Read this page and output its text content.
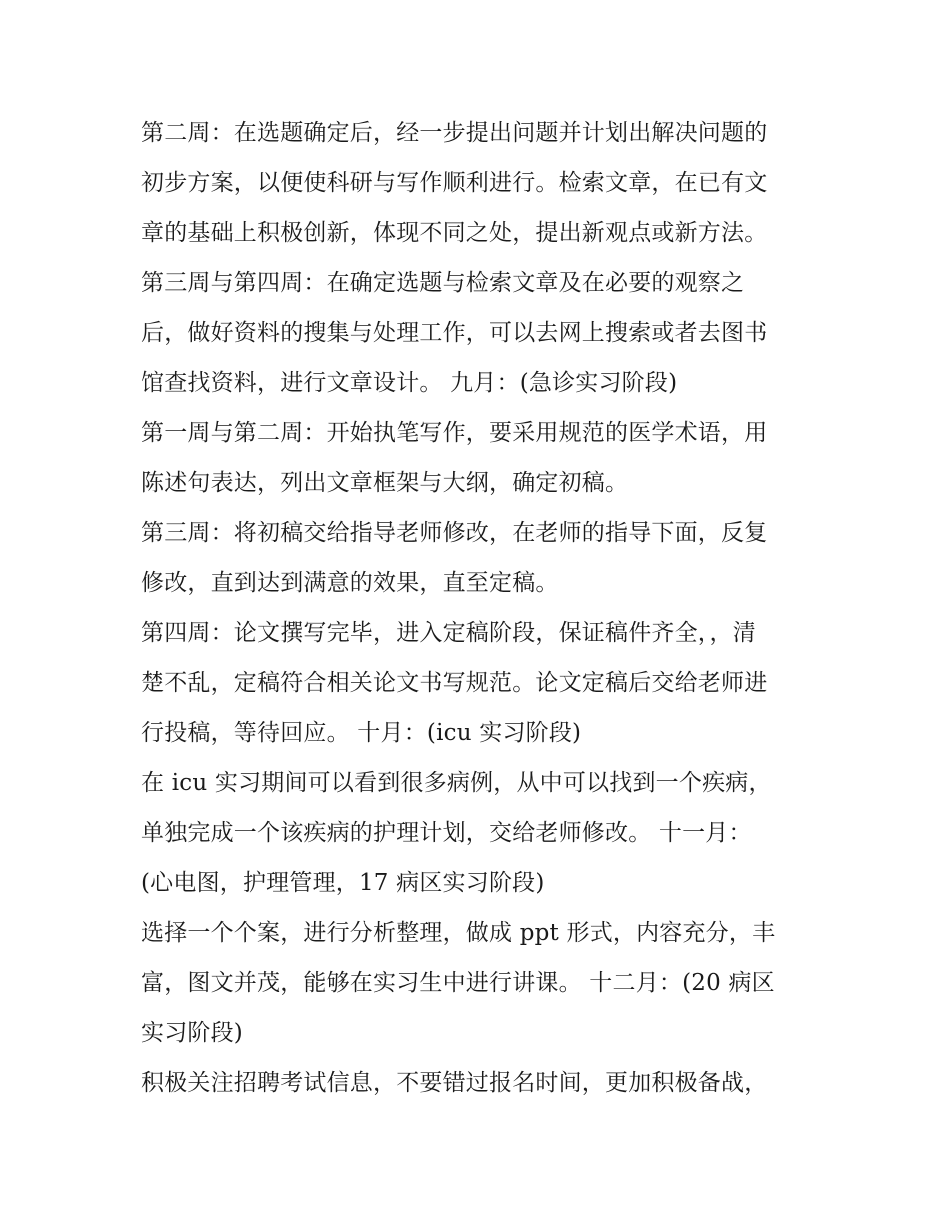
第二周：在选题确定后，经一步提出问题并计划出解决问题的
初步方案，以便使科研与写作顺利进行。检索文章，在已有文
章的基础上积极创新，体现不同之处，提出新观点或新方法。
第三周与第四周：在确定选题与检索文章及在必要的观察之
后，做好资料的搜集与处理工作，可以去网上搜索或者去图书
馆查找资料，进行文章设计。 九月：(急诊实习阶段)
第一周与第二周：开始执笔写作，要采用规范的医学术语，用
陈述句表达，列出文章框架与大纲，确定初稿。
第三周：将初稿交给指导老师修改，在老师的指导下面，反复
修改，直到达到满意的效果，直至定稿。
第四周：论文撰写完毕，进入定稿阶段，保证稿件齐全，，清
楚不乱，定稿符合相关论文书写规范。论文定稿后交给老师进
行投稿，等待回应。 十月：(icu 实习阶段)
在 icu 实习期间可以看到很多病例，从中可以找到一个疾病，
单独完成一个该疾病的护理计划，交给老师修改。 十一月：
(心电图，护理管理，17 病区实习阶段)
选择一个个案，进行分析整理，做成 ppt 形式，内容充分，丰
富，图文并茂，能够在实习生中进行讲课。 十二月：(20 病区
实习阶段)
积极关注招聘考试信息，不要错过报名时间，更加积极备战，
